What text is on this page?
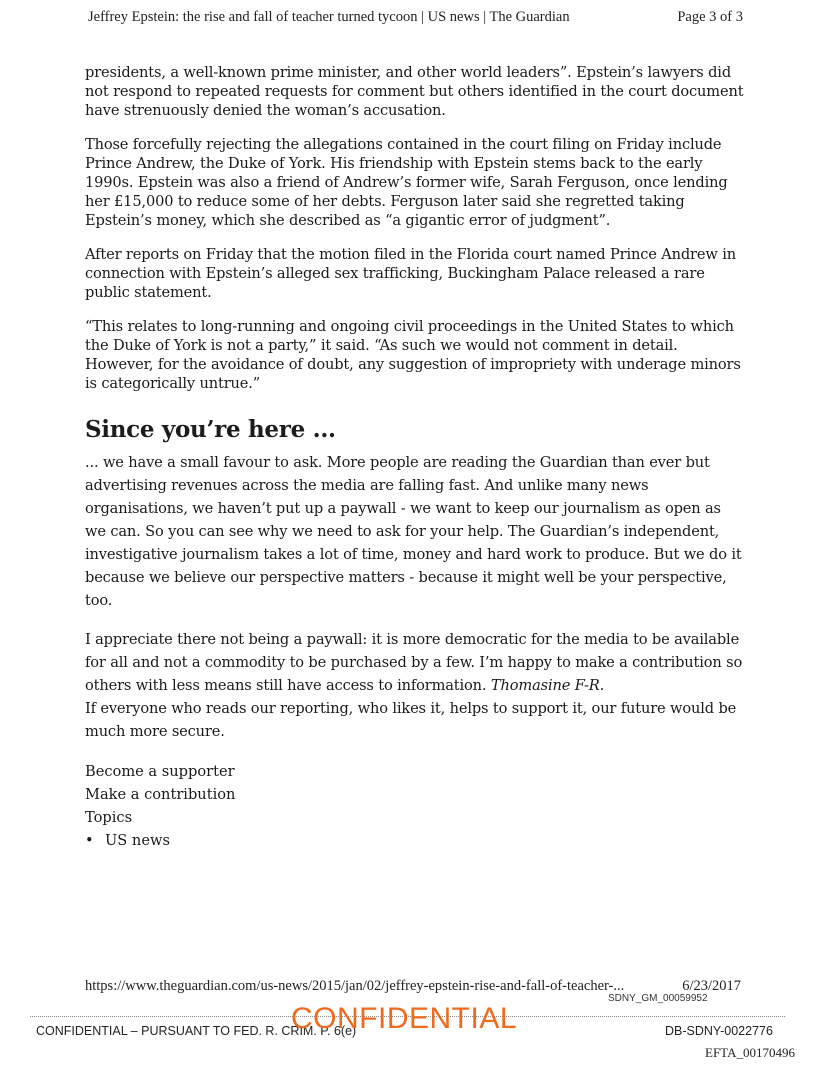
Jeffrey Epstein: the rise and fall of teacher turned tycoon | US news | The Guardian	Page 3 of 3

presidents, a well-known prime minister, and other world leaders”. Epstein’s lawyers did not respond to repeated requests for comment but others identified in the court document have strenuously denied the woman’s accusation.

Those forcefully rejecting the allegations contained in the court filing on Friday include Prince Andrew, the Duke of York. His friendship with Epstein stems back to the early 1990s. Epstein was also a friend of Andrew’s former wife, Sarah Ferguson, once lending her £15,000 to reduce some of her debts. Ferguson later said she regretted taking Epstein’s money, which she described as “a gigantic error of judgment”.

After reports on Friday that the motion filed in the Florida court named Prince Andrew in connection with Epstein’s alleged sex trafficking, Buckingham Palace released a rare public statement.

“This relates to long-running and ongoing civil proceedings in the United States to which the Duke of York is not a party,” it said. “As such we would not comment in detail. However, for the avoidance of doubt, any suggestion of impropriety with underage minors is categorically untrue.”

Since you’re here ...

... we have a small favour to ask. More people are reading the Guardian than ever but advertising revenues across the media are falling fast. And unlike many news organisations, we haven’t put up a paywall - we want to keep our journalism as open as we can. So you can see why we need to ask for your help. The Guardian’s independent, investigative journalism takes a lot of time, money and hard work to produce. But we do it because we believe our perspective matters - because it might well be your perspective, too.

I appreciate there not being a paywall: it is more democratic for the media to be available for all and not a commodity to be purchased by a few. I’m happy to make a contribution so others with less means still have access to information. Thomasine F-R.

If everyone who reads our reporting, who likes it, helps to support it, our future would be much more secure.

Become a supporter
Make a contribution
Topics
• US news
https://www.theguardian.com/us-news/2015/jan/02/jeffrey-epstein-rise-and-fall-of-teacher-...	6/23/2017
SDNY_GM_00059952
CONFIDENTIAL – PURSUANT TO FED. R. CRIM. P. 6(e)
CONFIDENTIAL	DB-SDNY-0022776
EFTA_00170496
